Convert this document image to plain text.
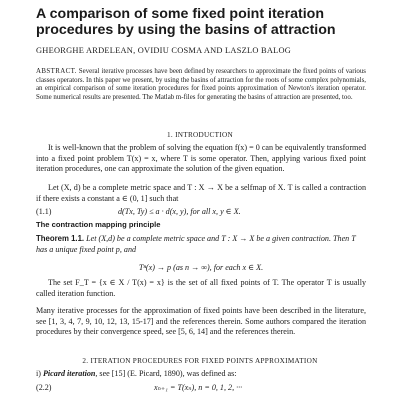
A comparison of some fixed point iteration procedures by using the basins of attraction

GHEORGHE ARDELEAN, OVIDIU COSMA AND LASZLO BALOG

ABSTRACT. Several iterative processes have been defined by researchers to approximate the fixed points of various classes operators. In this paper we present, by using the basins of attraction for the roots of some complex polynomials, an empirical comparison of some iteration procedures for fixed points approximation of Newton's iteration operator. Some numerical results are presented. The Matlab m-files for generating the basins of attraction are presented, too.

1. INTRODUCTION

It is well-known that the problem of solving the equation f(x) = 0 can be equivalently transformed into a fixed point problem T(x) = x, where T is some operator. Then, applying various fixed point iteration procedures, one can approximate the solution of the given equation.

Let (X, d) be a complete metric space and T : X → X be a selfmap of X. T is called a contraction if there exists a constant a ∈ (0, 1] such that

(1.1)	d(Tx, Ty) ≤ a · d(x, y), for all x, y ∈ X.

The contraction mapping principle

Theorem 1.1. Let (X,d) be a complete metric space and T : X → X be a given contraction. Then T has a unique fixed point p, and

Tⁿ(x) → p (as n → ∞), for each x ∈ X.

The set F_T = {x ∈ X / T(x) = x} is the set of all fixed points of T. The operator T is usually called iteration function.

Many iterative processes for the approximation of fixed points have been described in the literature, see [1, 3, 4, 7, 9, 10, 12, 13, 15-17] and the references therein. Some authors compared the iteration procedures by their convergence speed, see [5, 6, 14] and the references therein.

2. ITERATION PROCEDURES FOR FIXED POINTS APPROXIMATION

i) Picard iteration, see [15] (E. Picard, 1890), was defined as:

(2.2)	xₙ₊₁ = T(xₙ), n = 0, 1, 2, ···
